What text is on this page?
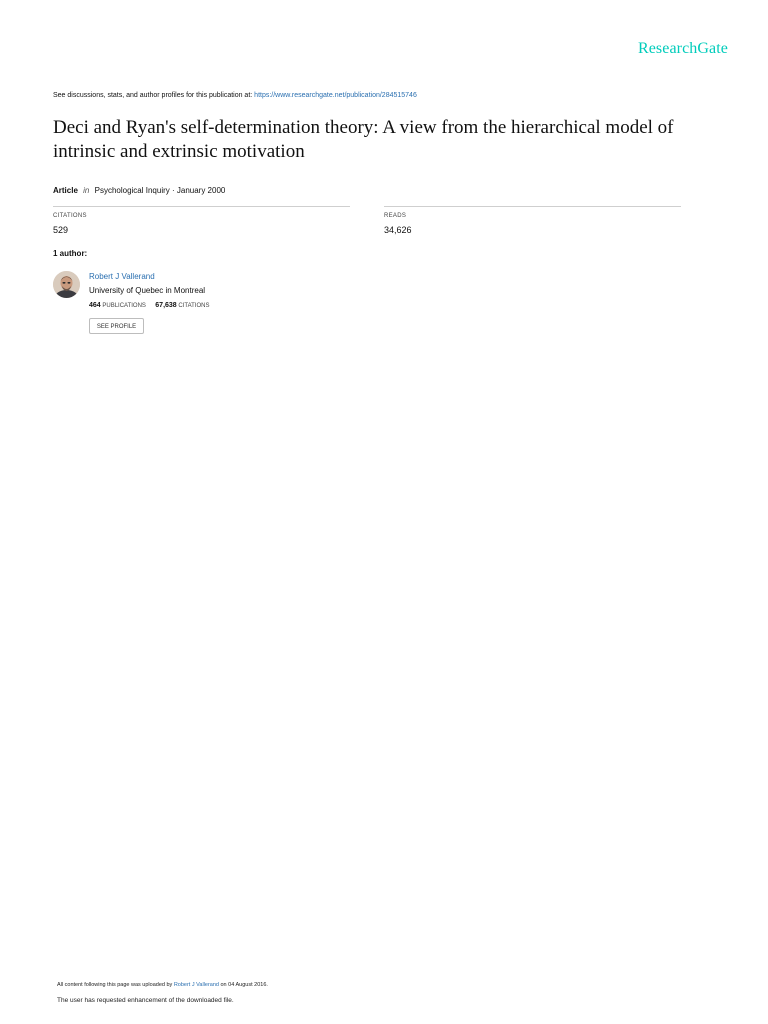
ResearchGate
See discussions, stats, and author profiles for this publication at: https://www.researchgate.net/publication/284515746
Deci and Ryan's self-determination theory: A view from the hierarchical model of intrinsic and extrinsic motivation
Article in Psychological Inquiry · January 2000
CITATIONS
529
READS
34,626
1 author:
Robert J Vallerand
University of Quebec in Montreal
464 PUBLICATIONS 67,638 CITATIONS
SEE PROFILE
All content following this page was uploaded by Robert J Vallerand on 04 August 2016.
The user has requested enhancement of the downloaded file.
